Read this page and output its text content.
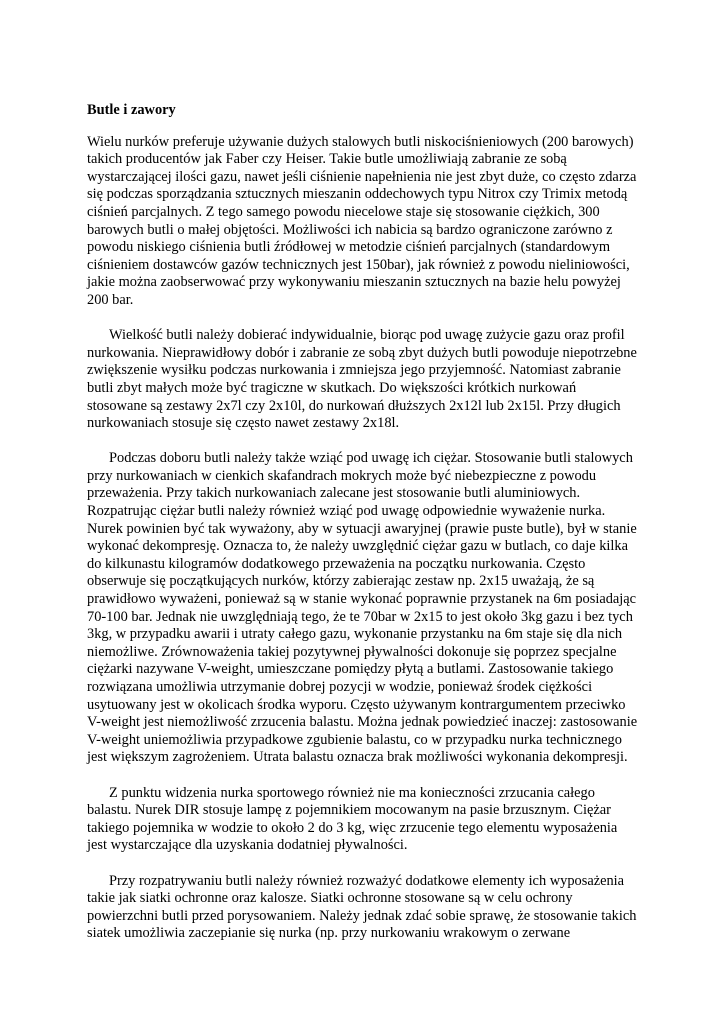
Butle i zawory

Wielu nurków preferuje używanie dużych stalowych butli niskociśnieniowych (200 barowych) takich producentów jak Faber czy Heiser. Takie butle umożliwiają zabranie ze sobą wystarczającej ilości gazu, nawet jeśli ciśnienie napełnienia nie jest zbyt duże, co często zdarza się podczas sporządzania sztucznych mieszanin oddechowych typu Nitrox czy Trimix metodą ciśnień parcjalnych. Z tego samego powodu niecelowe staje się stosowanie ciężkich, 300 barowych butli o małej objętości. Możliwości ich nabicia są bardzo ograniczone zarówno z powodu niskiego ciśnienia butli źródłowej w metodzie ciśnień parcjalnych (standardowym ciśnieniem dostawców gazów technicznych jest 150bar), jak również z powodu nieliniowości, jakie można zaobserwować przy wykonywaniu mieszanin sztucznych na bazie helu powyżej 200 bar.

Wielkość butli należy dobierać indywidualnie, biorąc pod uwagę zużycie gazu oraz profil nurkowania. Nieprawidłowy dobór i zabranie ze sobą zbyt dużych butli powoduje niepotrzebne zwiększenie wysiłku podczas nurkowania i zmniejsza jego przyjemność. Natomiast zabranie butli zbyt małych może być tragiczne w skutkach. Do większości krótkich nurkowań stosowane są zestawy 2x7l czy 2x10l, do nurkowań dłuższych 2x12l lub 2x15l. Przy długich nurkowaniach stosuje się często nawet zestawy 2x18l.

Podczas doboru butli należy także wziąć pod uwagę ich ciężar. Stosowanie butli stalowych przy nurkowaniach w cienkich skafandrach mokrych może być niebezpieczne z powodu przeważenia. Przy takich nurkowaniach zalecane jest stosowanie butli aluminiowych. Rozpatrując ciężar butli należy również wziąć pod uwagę odpowiednie wyważenie nurka. Nurek powinien być tak wyważony, aby w sytuacji awaryjnej (prawie puste butle), był w stanie wykonać dekompresję. Oznacza to, że należy uwzględnić ciężar gazu w butlach, co daje kilka do kilkunastu kilogramów dodatkowego przeważenia na początku nurkowania. Często obserwuje się początkujących nurków, którzy zabierając zestaw np. 2x15 uważają, że są prawidłowo wyważeni, ponieważ są w stanie wykonać poprawnie przystanek na 6m posiadając 70-100 bar. Jednak nie uwzględniają tego, że te 70bar w 2x15 to jest około 3kg gazu i bez tych 3kg, w przypadku awarii i utraty całego gazu, wykonanie przystanku na 6m staje się dla nich niemożliwe. Zrównoważenia takiej pozytywnej pływalności dokonuje się poprzez specjalne ciężarki nazywane V-weight, umieszczane pomiędzy płytą a butlami. Zastosowanie takiego rozwiązana umożliwia utrzymanie dobrej pozycji w wodzie, ponieważ środek ciężkości usytuowany jest w okolicach środka wyporu. Często używanym kontrargumentem przeciwko V-weight jest niemożliwość zrzucenia balastu. Można jednak powiedzieć inaczej: zastosowanie V-weight uniemożliwia przypadkowe zgubienie balastu, co w przypadku nurka technicznego jest większym zagrożeniem. Utrata balastu oznacza brak możliwości wykonania dekompresji.

Z punktu widzenia nurka sportowego również nie ma konieczności zrzucania całego balastu. Nurek DIR stosuje lampę z pojemnikiem mocowanym na pasie brzusznym. Ciężar takiego pojemnika w wodzie to około 2 do 3 kg, więc zrzucenie tego elementu wyposażenia jest wystarczające dla uzyskania dodatniej pływalności.

Przy rozpatrywaniu butli należy również rozważyć dodatkowe elementy ich wyposażenia takie jak siatki ochronne oraz kalosze. Siatki ochronne stosowane są w celu ochrony powierzchni butli przed porysowaniem. Należy jednak zdać sobie sprawę, że stosowanie takich siatek umożliwia zaczepianie się nurka (np. przy nurkowaniu wrakowym o zerwane
